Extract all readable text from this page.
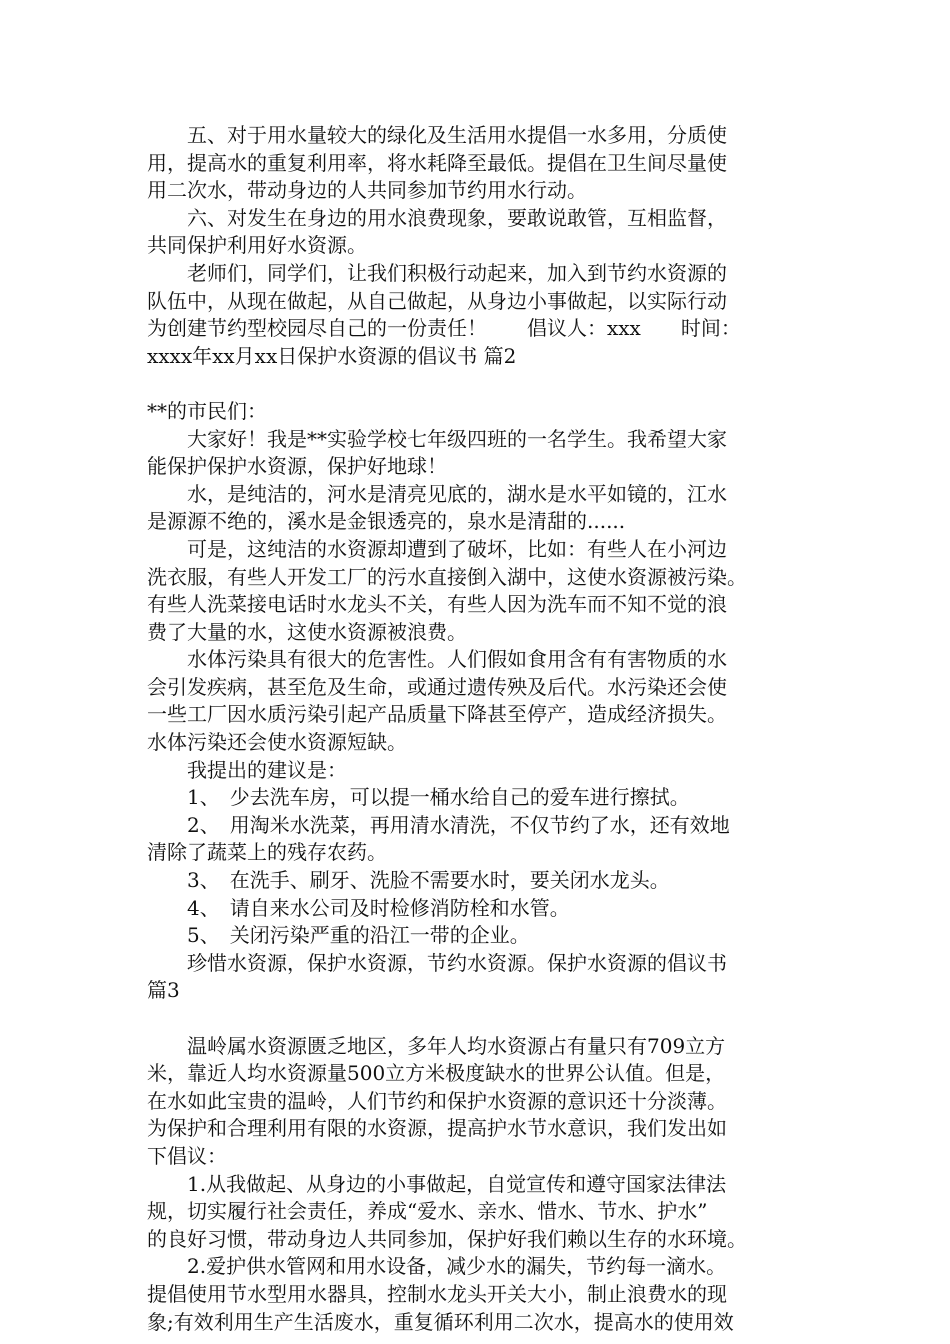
　　五、对于用水量较大的绿化及生活用水提倡一水多用，分质使
用，提高水的重复利用率，将水耗降至最低。提倡在卫生间尽量使
用二次水，带动身边的人共同参加节约用水行动。
　　六、对发生在身边的用水浪费现象，要敢说敢管，互相监督，
共同保护利用好水资源。
　　老师们，同学们，让我们积极行动起来，加入到节约水资源的
队伍中，从现在做起，从自己做起，从身边小事做起，以实际行动
为创建节约型校园尽自己的一份责任！　　倡议人：xxx　　时间：
xxxx年xx月xx日保护水资源的倡议书 篇2
**的市民们：
　　大家好！我是**实验学校七年级四班的一名学生。我希望大家
能保护保护水资源，保护好地球！
　　水，是纯洁的，河水是清亮见底的，湖水是水平如镜的，江水
是源源不绝的，溪水是金银透亮的，泉水是清甜的......
　　可是，这纯洁的水资源却遭到了破坏，比如：有些人在小河边
洗衣服，有些人开发工厂的污水直接倒入湖中，这使水资源被污染。
有些人洗菜接电话时水龙头不关，有些人因为洗车而不知不觉的浪
费了大量的水，这使水资源被浪费。
　　水体污染具有很大的危害性。人们假如食用含有有害物质的水
会引发疾病，甚至危及生命，或通过遗传殃及后代。水污染还会使
一些工厂因水质污染引起产品质量下降甚至停产，造成经济损失。
水体污染还会使水资源短缺。
　　我提出的建议是：
　　1、　少去洗车房，可以提一桶水给自己的爱车进行擦拭。
　　2、　用淘米水洗菜，再用清水清洗，不仅节约了水，还有效地
清除了蔬菜上的残存农药。
　　3、　在洗手、刷牙、洗脸不需要水时，要关闭水龙头。
　　4、　请自来水公司及时检修消防栓和水管。
　　5、　关闭污染严重的沿江一带的企业。
　　珍惜水资源，保护水资源，节约水资源。保护水资源的倡议书
篇3
　　温岭属水资源匮乏地区，多年人均水资源占有量只有709立方
米，靠近人均水资源量500立方米极度缺水的世界公认值。但是，
在水如此宝贵的温岭，人们节约和保护水资源的意识还十分淡薄。
为保护和合理利用有限的水资源，提高护水节水意识，我们发出如
下倡议：
　　1.从我做起、从身边的小事做起，自觉宣传和遵守国家法律法
规，切实履行社会责任，养成“爱水、亲水、惜水、节水、护水”
的良好习惯，带动身边人共同参加，保护好我们赖以生存的水环境。
　　2.爱护供水管网和用水设备，减少水的漏失，节约每一滴水。
提倡使用节水型用水器具，控制水龙头开关大小，制止浪费水的现
象;有效利用生产生活废水，重复循环利用二次水，提高水的使用效
